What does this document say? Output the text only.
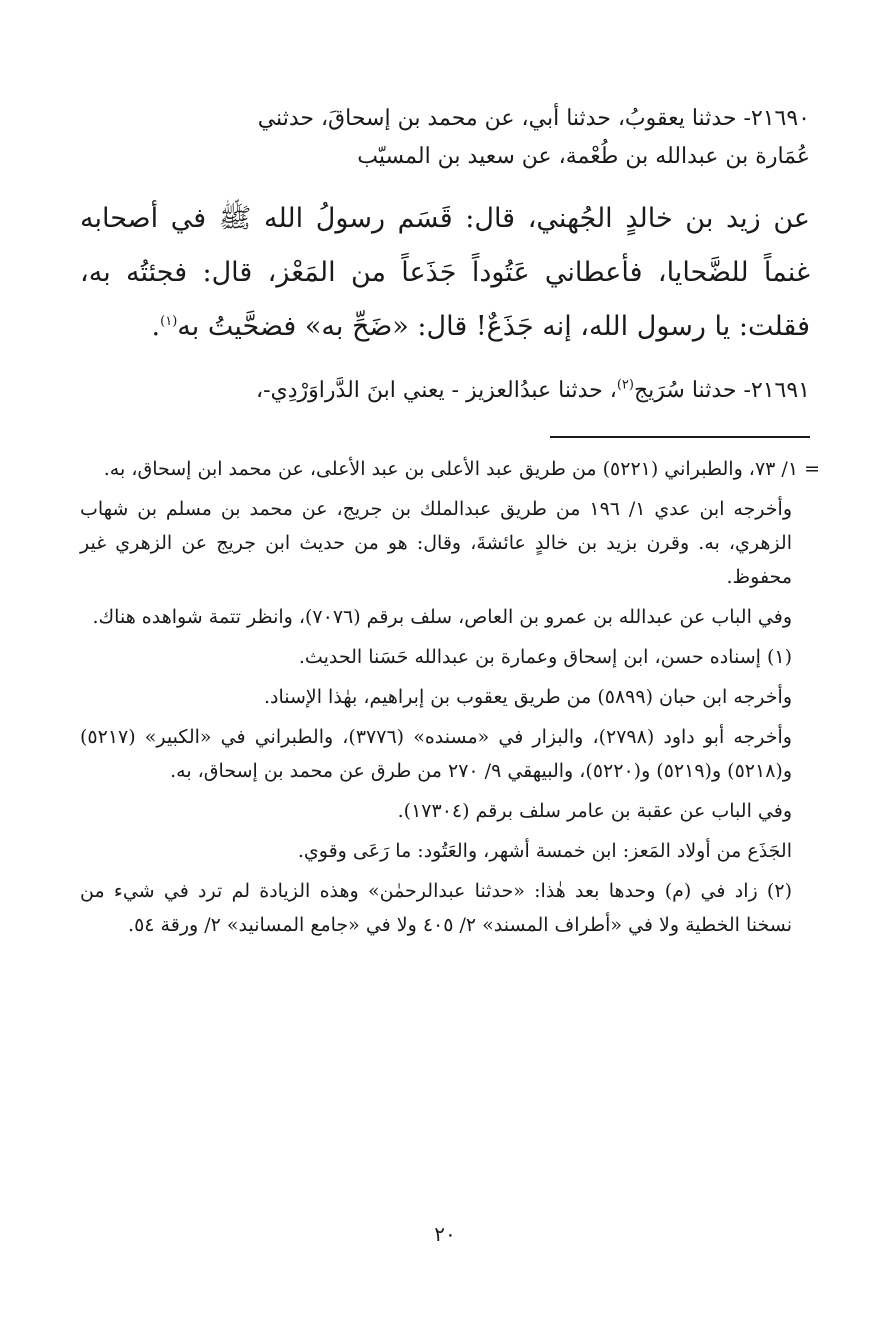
٢١٦٩٠- حدثنا يعقوبُ، حدثنا أبي، عن محمد بن إسحاقَ، حدثني

عُمَارة بن عبدالله بن طُعْمة، عن سعيد بن المسيّب

عن زيد بن خالدٍ الجُهني، قال: قَسَم رسولُ الله ﷺ في أصحابه غنماً للضَّحايا، فأعطاني عَتُوداً جَذَعاً من المَعْز، قال: فجئتُه به، فقلت: يا رسول الله، إنه جَذَعٌ! قال: «ضَحِّ به» فضحَّيتُ به$^{(١)}$.

٢١٦٩١- حدثنا سُرَيج$^{(٢)}$، حدثنا عبدُالعزيز - يعني ابنَ الدَّراوَرْدِي-،

= ١/ ٧٣، والطبراني (٥٢٢١) من طريق عبد الأعلى بن عبد الأعلى، عن محمد ابن إسحاق، به.

وأخرجه ابن عدي ١/ ١٩٦ من طريق عبدالملك بن جريج، عن محمد بن مسلم بن شهاب الزهري، به. وقرن بزيد بن خالدٍ عائشةَ، وقال: هو من حديث ابن جريج عن الزهري غير محفوظ.

وفي الباب عن عبدالله بن عمرو بن العاص، سلف برقم (٧٠٧٦)، وانظر تتمة شواهده هناك.

(١) إسناده حسن، ابن إسحاق وعمارة بن عبدالله حَسَنا الحديث.

وأخرجه ابن حبان (٥٨٩٩) من طريق يعقوب بن إبراهيم، بهٰذا الإسناد.

وأخرجه أبو داود (٢٧٩٨)، والبزار في «مسنده» (٣٧٧٦)، والطبراني في «الكبير» (٥٢١٧) و(٥٢١٨) و(٥٢١٩) و(٥٢٢٠)، والبيهقي ٩/ ٢٧٠ من طرق عن محمد بن إسحاق، به.

وفي الباب عن عقبة بن عامر سلف برقم (١٧٣٠٤).

الجَذَع من أولاد المَعز: ابن خمسة أشهر، والعَتُود: ما رَعَى وقوي.

(٢) زاد في (م) وحدها بعد هٰذا: «حدثنا عبدالرحمٰن» وهذه الزيادة لم ترد في شيء من نسخنا الخطية ولا في «أطراف المسند» ٢/ ٤٠٥ ولا في «جامع المسانيد» ٢/ ورقة ٥٤.

٢٠
